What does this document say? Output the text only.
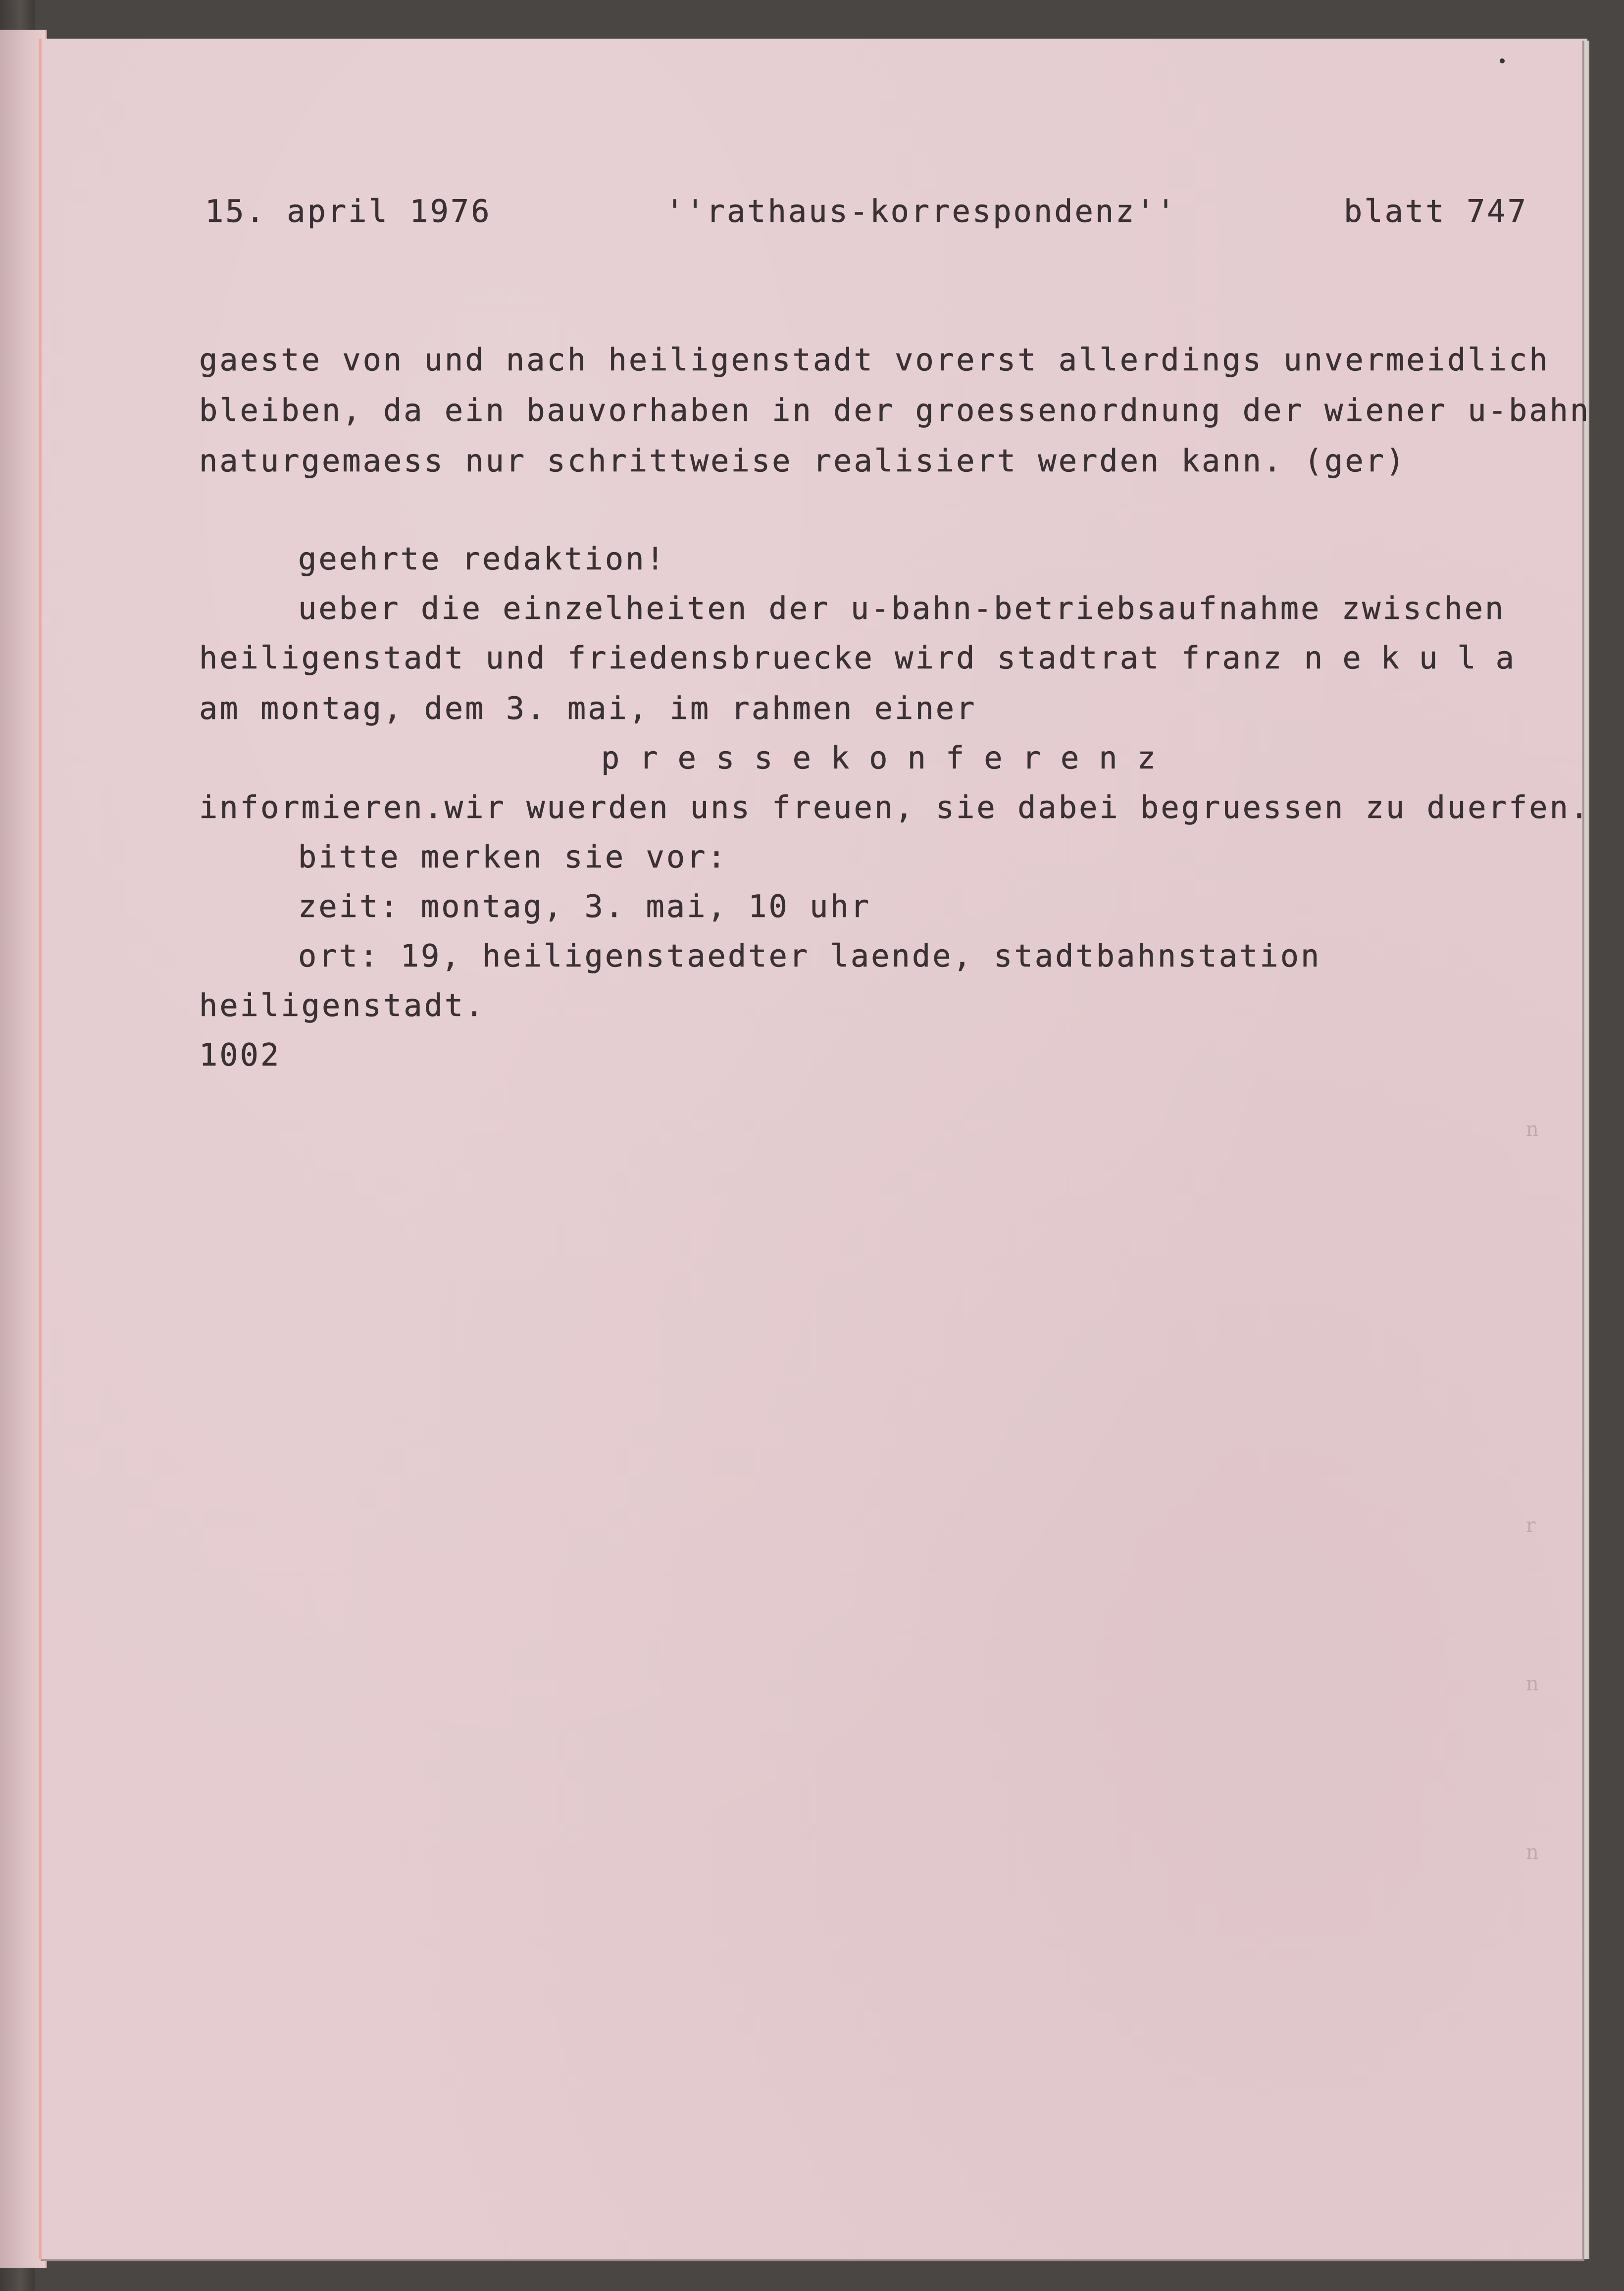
15. april 1976	''rathaus-korrespondenz''	blatt 747
gaeste von und nach heiligenstadt vorerst allerdings unvermeidlich
bleiben, da ein bauvorhaben in der groessenordnung der wiener u-bahn
naturgemaess nur schrittweise realisiert werden kann. (ger)
geehrte redaktion!
ueber die einzelheiten der u-bahn-betriebsaufnahme zwischen
heiligenstadt und friedensbruecke wird stadtrat franz nekula
am montag, dem 3. mai, im rahmen einer
pressekonferenz
informieren.wir wuerden uns freuen, sie dabei begruessen zu duerfen.
bitte merken sie vor:
zeit: montag, 3. mai, 10 uhr
ort: 19, heiligenstaedter laende, stadtbahnstation
heiligenstadt.
1002
n
r
n
n
